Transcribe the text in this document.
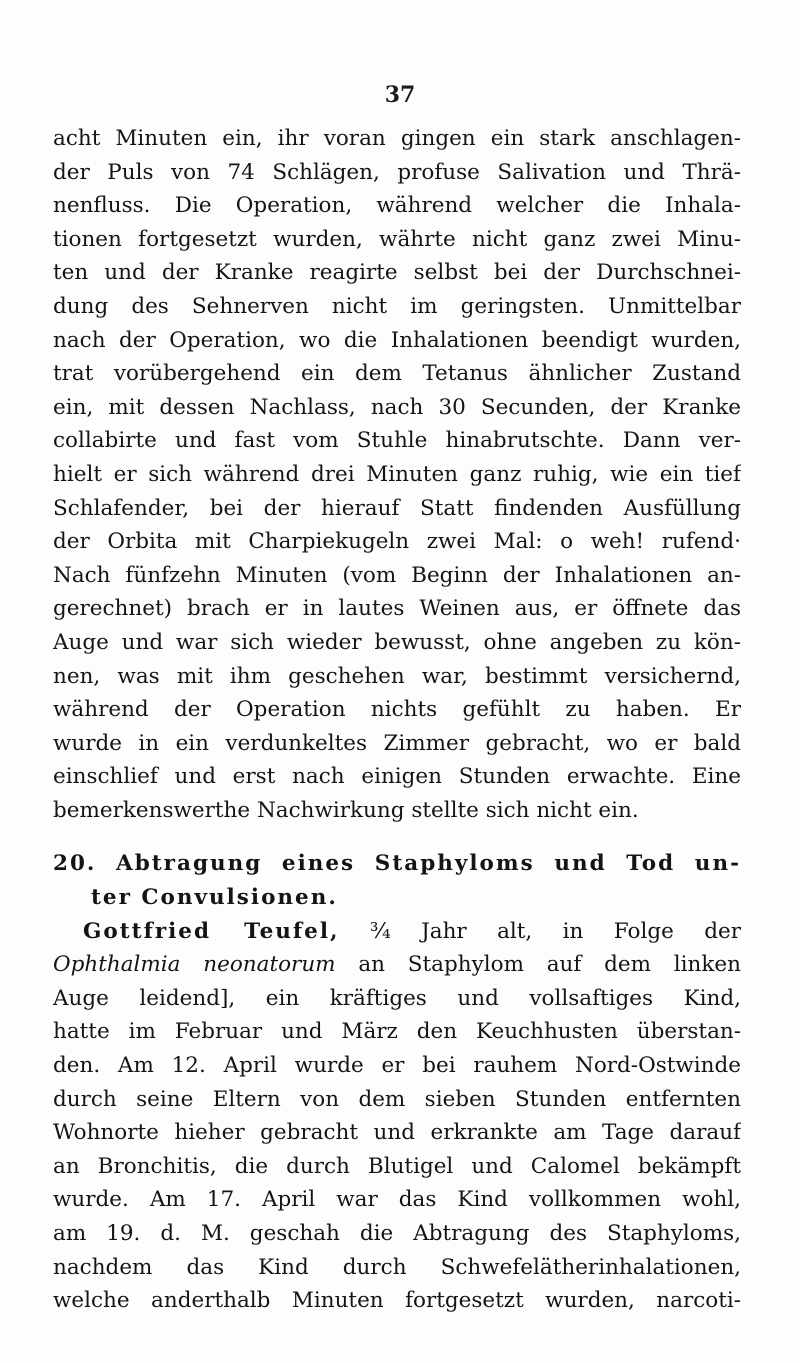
37
acht Minuten ein, ihr voran gingen ein stark anschlagen-
der Puls von 74 Schlägen, profuse Salivation und Thrä-
nenfluss. Die Operation, während welcher die Inhala-
tionen fortgesetzt wurden, währte nicht ganz zwei Minu-
ten und der Kranke reagirte selbst bei der Durchschnei-
dung des Sehnerven nicht im geringsten. Unmittelbar
nach der Operation, wo die Inhalationen beendigt wurden,
trat vorübergehend ein dem Tetanus ähnlicher Zustand
ein, mit dessen Nachlass, nach 30 Secunden, der Kranke
collabirte und fast vom Stuhle hinabrutschte. Dann ver-
hielt er sich während drei Minuten ganz ruhig, wie ein tief
Schlafender, bei der hierauf Statt findenden Ausfüllung
der Orbita mit Charpiekugeln zwei Mal: o weh! rufend·
Nach fünfzehn Minuten (vom Beginn der Inhalationen an-
gerechnet) brach er in lautes Weinen aus, er öffnete das
Auge und war sich wieder bewusst, ohne angeben zu kön-
nen, was mit ihm geschehen war, bestimmt versichernd,
während der Operation nichts gefühlt zu haben. Er
wurde in ein verdunkeltes Zimmer gebracht, wo er bald
einschlief und erst nach einigen Stunden erwachte. Eine
bemerkenswerthe Nachwirkung stellte sich nicht ein.
20. Abtragung eines Staphyloms und Tod un-
ter Convulsionen.
Gottfried Teufel, ¾ Jahr alt, in Folge der
Ophthalmia neonatorum an Staphylom auf dem linken
Auge leidend], ein kräftiges und vollsaftiges Kind,
hatte im Februar und März den Keuchhusten überstan-
den. Am 12. April wurde er bei rauhem Nord-Ostwinde
durch seine Eltern von dem sieben Stunden entfernten
Wohnorte hieher gebracht und erkrankte am Tage darauf
an Bronchitis, die durch Blutigel und Calomel bekämpft
wurde. Am 17. April war das Kind vollkommen wohl,
am 19. d. M. geschah die Abtragung des Staphyloms,
nachdem das Kind durch Schwefelätherinhalationen,
welche anderthalb Minuten fortgesetzt wurden, narcoti-
